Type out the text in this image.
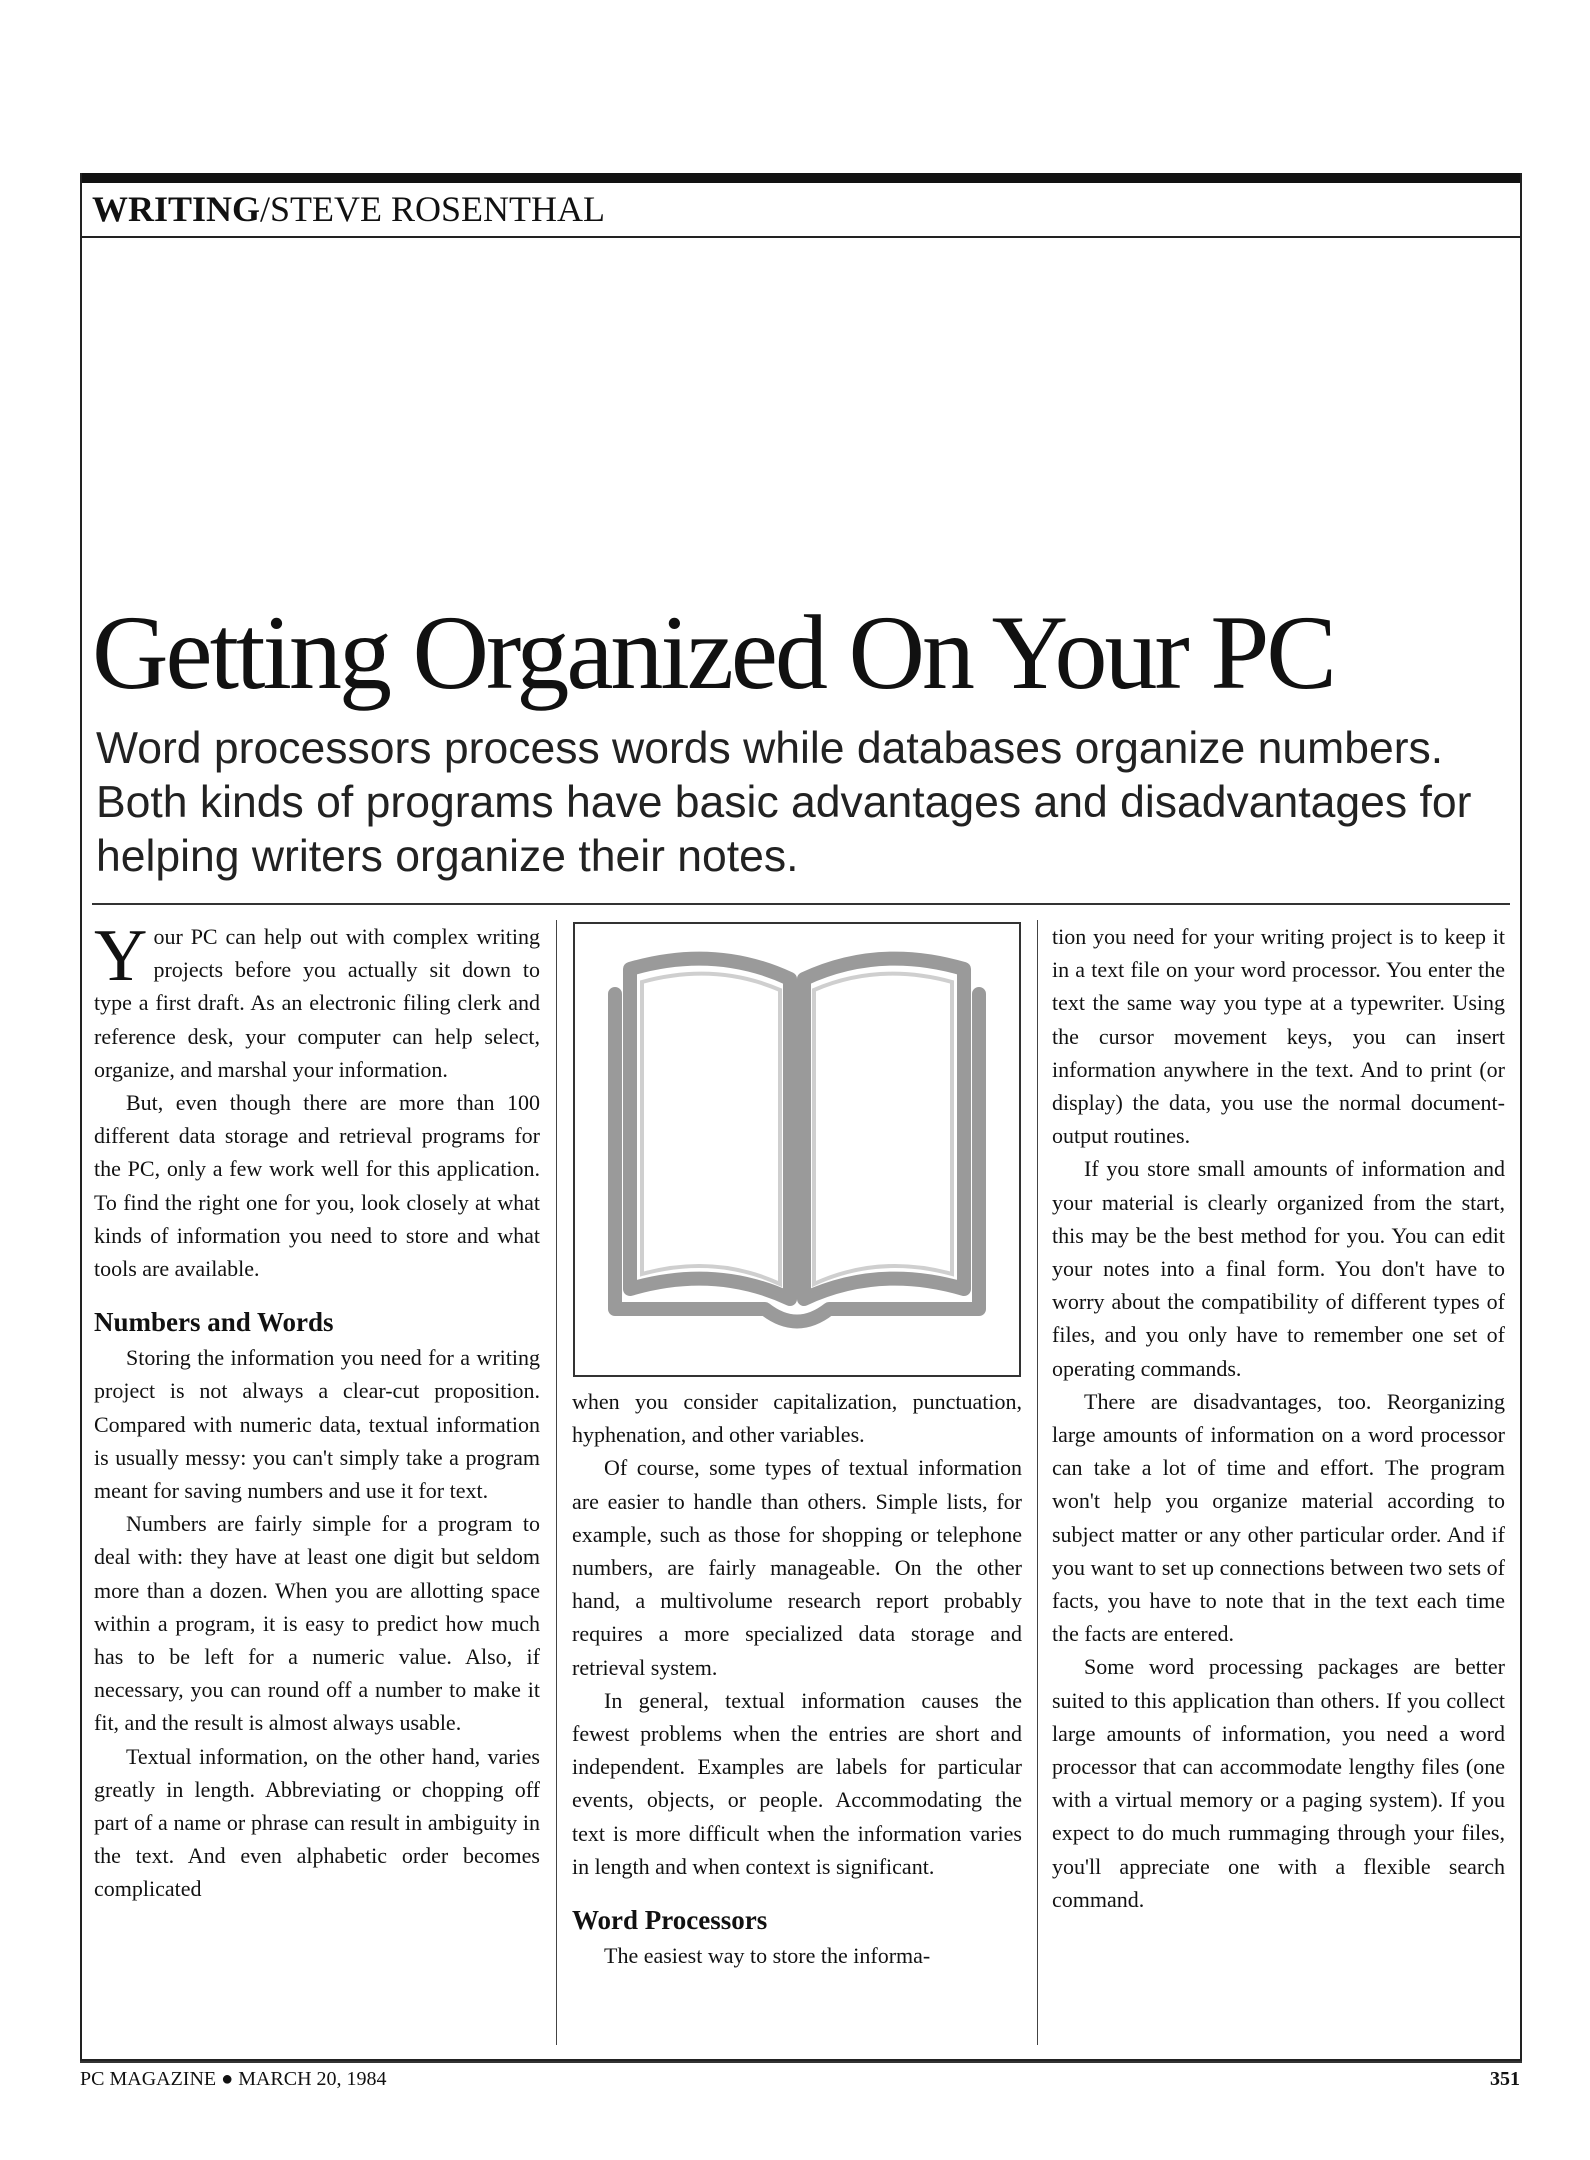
WRITING/STEVE ROSENTHAL
Getting Organized On Your PC
Word processors process words while databases organize numbers. Both kinds of programs have basic advantages and disadvantages for helping writers organize their notes.

Your PC can help out with complex writing projects before you actually sit down to type a first draft. As an electronic filing clerk and reference desk, your computer can help select, organize, and marshal your information.

But, even though there are more than 100 different data storage and retrieval programs for the PC, only a few work well for this application. To find the right one for you, look closely at what kinds of information you need to store and what tools are available.

Numbers and Words

Storing the information you need for a writing project is not always a clear-cut proposition. Compared with numeric data, textual information is usually messy: you can't simply take a program meant for saving numbers and use it for text.

Numbers are fairly simple for a program to deal with: they have at least one digit but seldom more than a dozen. When you are allotting space within a program, it is easy to predict how much has to be left for a numeric value. Also, if necessary, you can round off a number to make it fit, and the result is almost always usable.

Textual information, on the other hand, varies greatly in length. Abbreviating or chopping off part of a name or phrase can result in ambiguity in the text. And even alphabetic order becomes complicated

when you consider capitalization, punctuation, hyphenation, and other variables.

Of course, some types of textual information are easier to handle than others. Simple lists, for example, such as those for shopping or telephone numbers, are fairly manageable. On the other hand, a multivolume research report probably requires a more specialized data storage and retrieval system.

In general, textual information causes the fewest problems when the entries are short and independent. Examples are labels for particular events, objects, or people. Accommodating the text is more difficult when the information varies in length and when context is significant.

Word Processors

The easiest way to store the informa-

tion you need for your writing project is to keep it in a text file on your word processor. You enter the text the same way you type at a typewriter. Using the cursor movement keys, you can insert information anywhere in the text. And to print (or display) the data, you use the normal document-output routines.

If you store small amounts of information and your material is clearly organized from the start, this may be the best method for you. You can edit your notes into a final form. You don't have to worry about the compatibility of different types of files, and you only have to remember one set of operating commands.

There are disadvantages, too. Reorganizing large amounts of information on a word processor can take a lot of time and effort. The program won't help you organize material according to subject matter or any other particular order. And if you want to set up connections between two sets of facts, you have to note that in the text each time the facts are entered.

Some word processing packages are better suited to this application than others. If you collect large amounts of information, you need a word processor that can accommodate lengthy files (one with a virtual memory or a paging system). If you expect to do much rummaging through your files, you'll appreciate one with a flexible search command.

PC MAGAZINE ● MARCH 20, 1984	351
